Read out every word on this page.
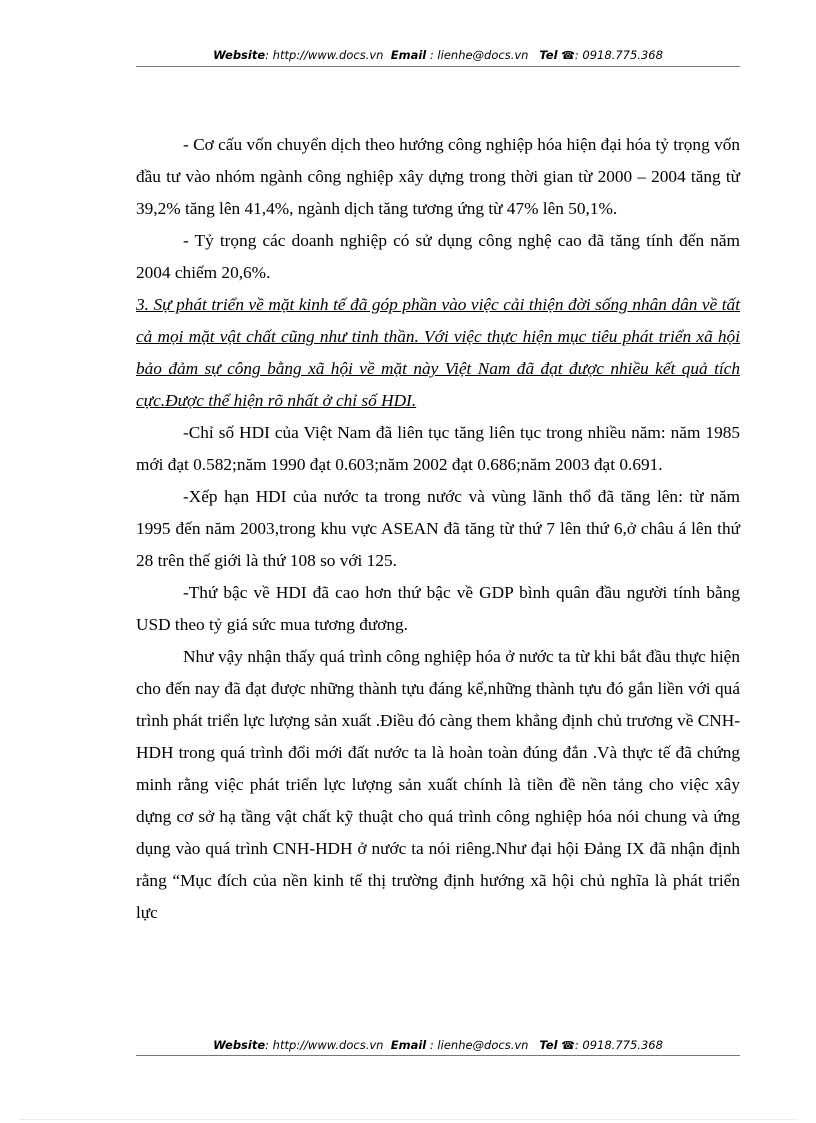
Website: http://www.docs.vn Email : lienhe@docs.vn Tel ☎: 0918.775.368

- Cơ cấu vốn chuyển dịch theo hướng công nghiệp hóa hiện đại hóa tỷ trọng vốn đầu tư vào nhóm ngành công nghiệp xây dựng trong thời gian từ 2000 – 2004 tăng từ 39,2% tăng lên 41,4%, ngành dịch tăng tương ứng từ 47% lên 50,1%.

- Tỷ trọng các doanh nghiệp có sử dụng công nghệ cao đã tăng tính đến năm 2004 chiếm 20,6%.

3. Sự phát triển về mặt kinh tế đã góp phần vào việc cải thiện đời sống nhân dân về tất cả mọi mặt vật chất cũng như tinh thần. Với việc thực hiện mục tiêu phát triển xã hội bảo đảm sự công bằng xã hội về mặt này Việt Nam đã đạt được nhiều kết quả tích cực.Được thể hiện rõ nhất ở chỉ số HDI.

-Chỉ số HDI của Việt Nam đã liên tục tăng liên tục trong nhiều năm: năm 1985 mới đạt 0.582;năm 1990 đạt 0.603;năm 2002 đạt 0.686;năm 2003 đạt 0.691.

-Xếp hạn HDI của nước ta trong nước và vùng lãnh thổ đã tăng lên: từ năm 1995 đến năm 2003,trong khu vực ASEAN đã tăng từ thứ 7 lên thứ 6,ở châu á lên thứ 28 trên thế giới là thứ 108 so với 125.

-Thứ bậc về HDI đã cao hơn thứ bậc về GDP bình quân đầu người tính bằng USD theo tỷ giá sức mua tương đương.

Như vậy nhận thấy quá trình công nghiệp hóa ở nước ta từ khi bắt đầu thực hiện cho đến nay đã đạt được những thành tựu đáng kể,những thành tựu đó gắn liền với quá trình phát triển lực lượng sản xuất .Điều đó càng them khẳng định chủ trương về CNH-HDH trong quá trình đổi mới đất nước ta là hoàn toàn đúng đắn .Và thực tế đã chứng minh rằng việc phát triển lực lượng sản xuất chính là tiền đề nền tảng cho việc xây dựng cơ sở hạ tầng vật chất kỹ thuật cho quá trình công nghiệp hóa nói chung và ứng dụng vào quá trình CNH-HDH ở nước ta nói riêng.Như đại hội Đảng IX đã nhận định rằng “Mục đích của nền kinh tế thị trường định hướng xã hội chủ nghĩa là phát triển lực

Website: http://www.docs.vn Email : lienhe@docs.vn Tel ☎: 0918.775.368
